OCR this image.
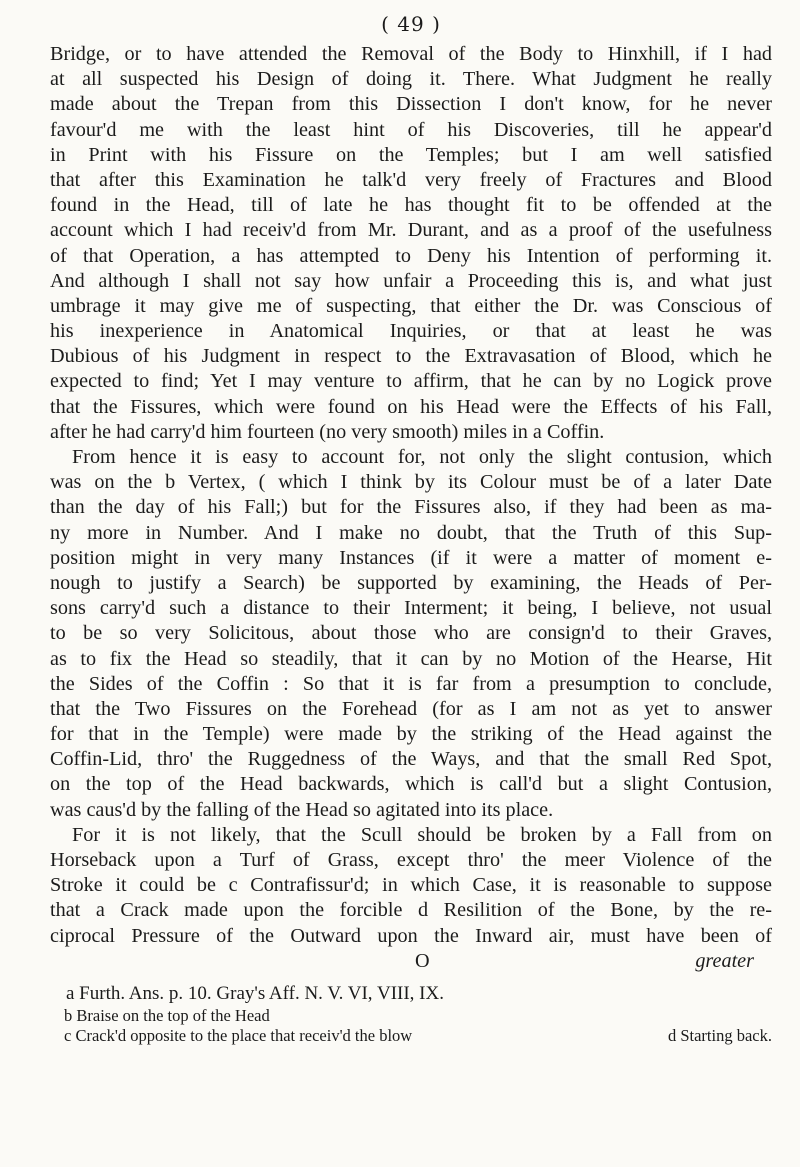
( 49 )
Bridge, or to have attended the Removal of the Body to Hinxhill, if I had
at all suspected his Design of doing it. There. What Judgment he really
made about the Trepan from this Dissection I don't know, for he never
favour'd me with the least hint of his Discoveries, till he appear'd
in Print with his Fissure on the Temples; but I am well satisfied
that after this Examination he talk'd very freely of Fractures and Blood
found in the Head, till of late he has thought fit to be offended at the
account which I had receiv'd from Mr. Durant, and as a proof of the usefulness
of that Operation, a has attempted to Deny his Intention of performing it.
And although I shall not say how unfair a Proceeding this is, and what just
umbrage it may give me of suspecting, that either the Dr. was Conscious of
his inexperience in Anatomical Inquiries, or that at least he was
Dubious of his Judgment in respect to the Extravasation of Blood, which he
expected to find; Yet I may venture to affirm, that he can by no Logick prove
that the Fissures, which were found on his Head were the Effects of his Fall,
after he had carry'd him fourteen (no very smooth) miles in a Coffin.
From hence it is easy to account for, not only the slight contusion, which
was on the b Vertex, ( which I think by its Colour must be of a later Date
than the day of his Fall;) but for the Fissures also, if they had been as ma-
ny more in Number. And I make no doubt, that the Truth of this Sup-
position might in very many Instances (if it were a matter of moment e-
nough to justify a Search) be supported by examining, the Heads of Per-
sons carry'd such a distance to their Interment; it being, I believe, not usual
to be so very Solicitous, about those who are consign'd to their Graves,
as to fix the Head so steadily, that it can by no Motion of the Hearse, Hit
the Sides of the Coffin : So that it is far from a presumption to conclude,
that the Two Fissures on the Forehead (for as I am not as yet to answer
for that in the Temple) were made by the striking of the Head against the
Coffin-Lid, thro' the Ruggedness of the Ways, and that the small Red Spot,
on the top of the Head backwards, which is call'd but a slight Contusion,
was caus'd by the falling of the Head so agitated into its place.
For it is not likely, that the Scull should be broken by a Fall from on
Horseback upon a Turf of Grass, except thro' the meer Violence of the
Stroke it could be c Contrafissur'd; in which Case, it is reasonable to suppose
that a Crack made upon the forcible d Resilition of the Bone, by the re-
ciprocal Pressure of the Outward upon the Inward air, must have been of
O	greater
a Furth. Ans. p. 10. Gray's Aff. N. V. VI, VIII, IX.
b Braise on the top of the Head
c Crack'd opposite to the place that receiv'd the blow	d Starting back.
